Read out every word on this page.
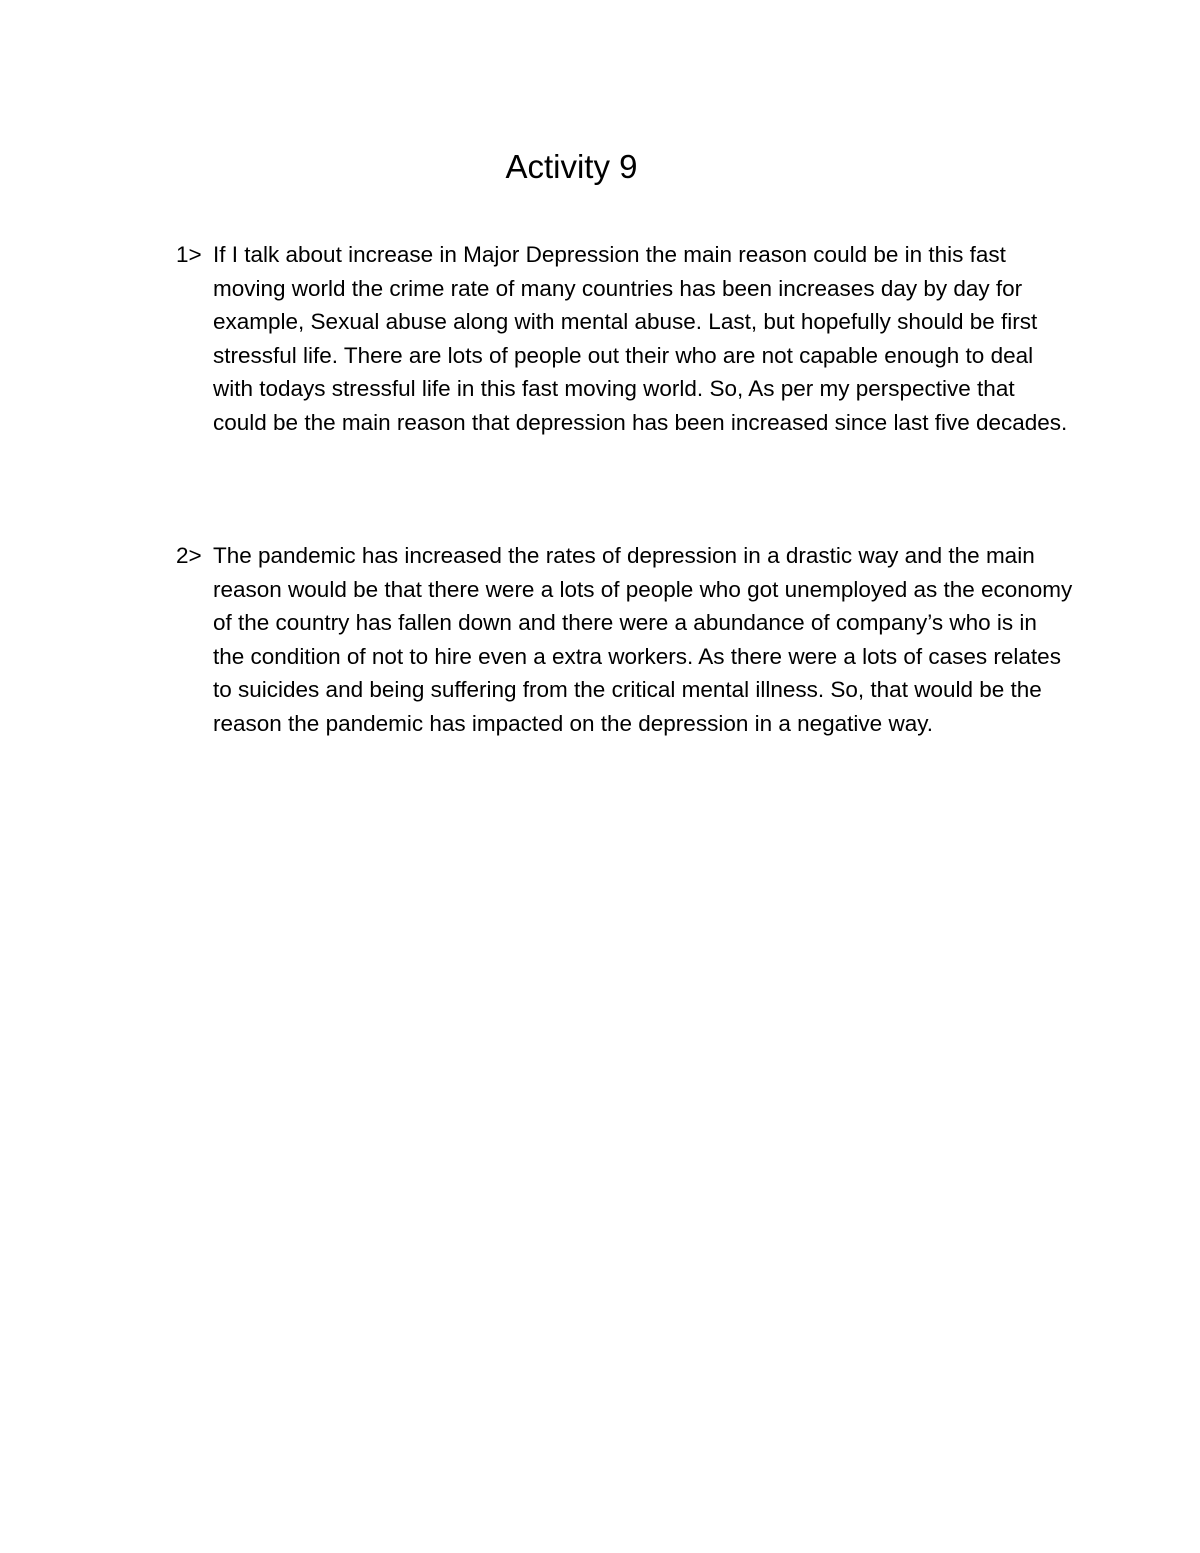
Activity 9
1> If I talk about increase in Major Depression the main reason could be in this fast moving world the crime rate of many countries has been increases day by day for example, Sexual abuse along with mental abuse. Last, but hopefully should be first stressful life. There are lots of people out their who are not capable enough to deal with todays stressful life in this fast moving world. So, As per my perspective that could be the main reason that depression has been increased since last five decades.

2> The pandemic has increased the rates of depression in a drastic way and the main reason would be that there were a lots of people who got unemployed as the economy of the country has fallen down and there were a abundance of company’s who is in the condition of not to hire even a extra workers. As there were a lots of cases relates to suicides and being suffering from the critical mental illness. So, that would be the reason the pandemic has impacted on the depression in a negative way.
